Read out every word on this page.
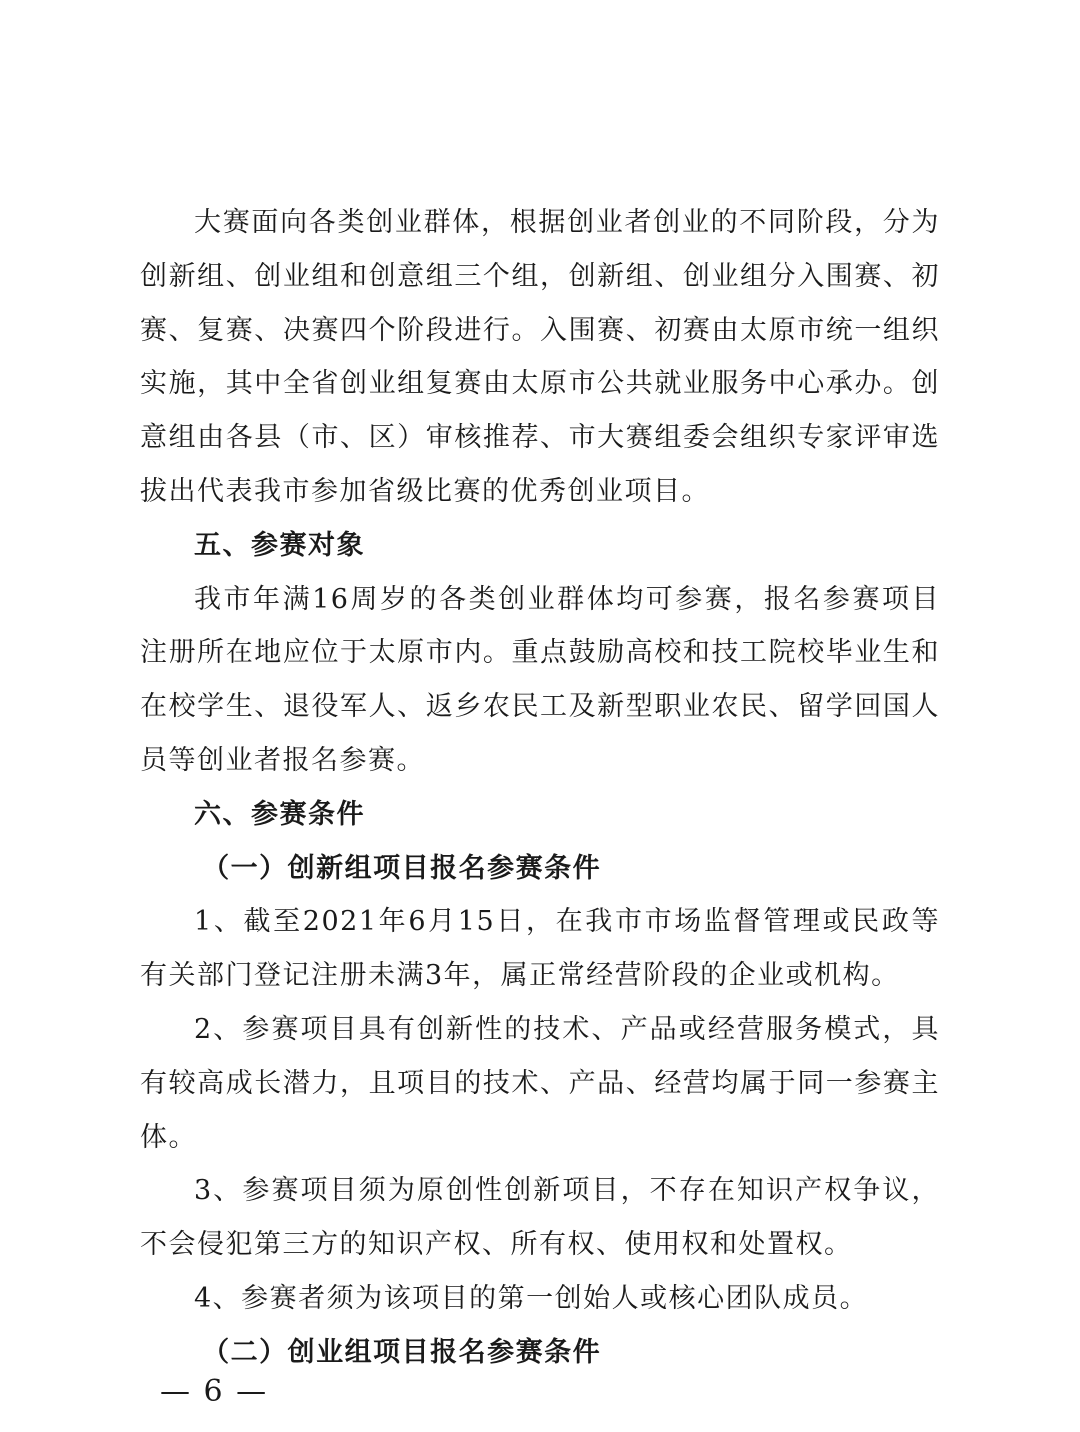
大赛面向各类创业群体，根据创业者创业的不同阶段，分为创新组、创业组和创意组三个组，创新组、创业组分入围赛、初赛、复赛、决赛四个阶段进行。入围赛、初赛由太原市统一组织实施，其中全省创业组复赛由太原市公共就业服务中心承办。创意组由各县（市、区）审核推荐、市大赛组委会组织专家评审选拔出代表我市参加省级比赛的优秀创业项目。

五、参赛对象

我市年满16周岁的各类创业群体均可参赛，报名参赛项目注册所在地应位于太原市内。重点鼓励高校和技工院校毕业生和在校学生、退役军人、返乡农民工及新型职业农民、留学回国人员等创业者报名参赛。

六、参赛条件

（一）创新组项目报名参赛条件

1、截至2021年6月15日，在我市市场监督管理或民政等有关部门登记注册未满3年，属正常经营阶段的企业或机构。

2、参赛项目具有创新性的技术、产品或经营服务模式，具有较高成长潜力，且项目的技术、产品、经营均属于同一参赛主体。

3、参赛项目须为原创性创新项目，不存在知识产权争议，不会侵犯第三方的知识产权、所有权、使用权和处置权。

4、参赛者须为该项目的第一创始人或核心团队成员。

（二）创业组项目报名参赛条件

— 6 —
